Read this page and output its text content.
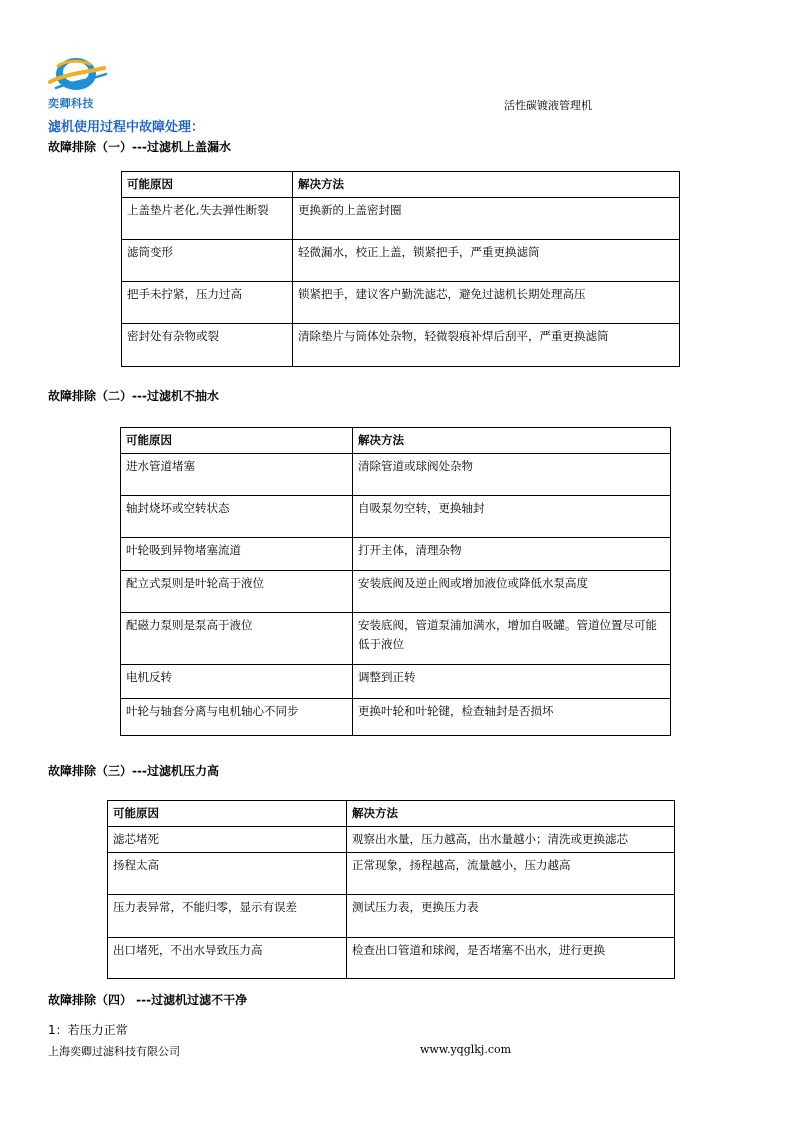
奕卿科技	活性碳镀液管理机
滤机使用过程中故障处理：
故障排除（一）---过滤机上盖漏水
可能原因	解决方法
上盖垫片老化,失去弹性断裂	更换新的上盖密封圈
滤筒变形	轻微漏水，校正上盖，锁紧把手，严重更换滤筒
把手未拧紧，压力过高	锁紧把手，建议客户勤洗滤芯，避免过滤机长期处理高压
密封处有杂物或裂	清除垫片与筒体处杂物，轻微裂痕补焊后刮平，严重更换滤筒
故障排除（二）---过滤机不抽水
可能原因	解决方法
进水管道堵塞	清除管道或球阀处杂物
轴封烧坏或空转状态	自吸泵勿空转，更换轴封
叶轮吸到异物堵塞流道	打开主体，清理杂物
配立式泵则是叶轮高于液位	安装底阀及逆止阀或增加液位或降低水泵高度
配磁力泵则是泵高于液位	安装底阀，管道泵浦加满水，增加自吸罐。管道位置尽可能低于液位
电机反转	调整到正转
叶轮与轴套分离与电机轴心不同步	更换叶轮和叶轮键，检查轴封是否损坏
故障排除（三）---过滤机压力高
可能原因	解决方法
滤芯堵死	观察出水量，压力越高，出水量越小；清洗或更换滤芯
扬程太高	正常现象，扬程越高，流量越小，压力越高
压力表异常，不能归零，显示有误差	测试压力表，更换压力表
出口堵死，不出水导致压力高	检查出口管道和球阀，是否堵塞不出水，进行更换
故障排除（四） ---过滤机过滤不干净
1：若压力正常
上海奕卿过滤科技有限公司	www.yqglkj.com
